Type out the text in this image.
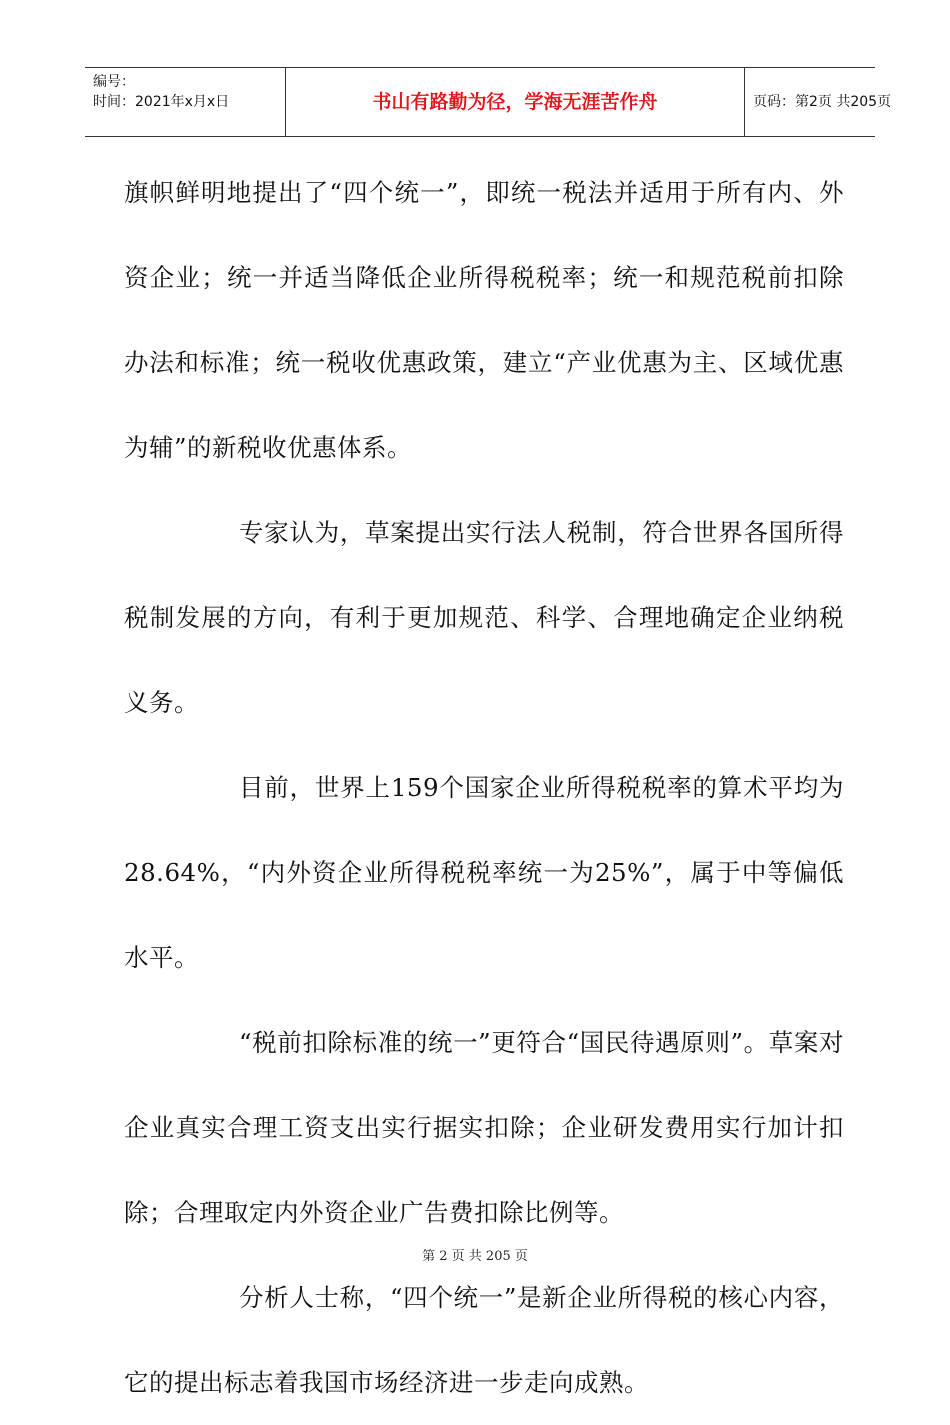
编号：
时间：2021年x月x日	书山有路勤为径，学海无涯苦作舟	页码：第2页 共205页

旗帜鲜明地提出了“四个统一”，即统一税法并适用于所有内、外资企业；统一并适当降低企业所得税税率；统一和规范税前扣除办法和标准；统一税收优惠政策，建立“产业优惠为主、区域优惠为辅”的新税收优惠体系。

专家认为，草案提出实行法人税制，符合世界各国所得税制发展的方向，有利于更加规范、科学、合理地确定企业纳税义务。

目前，世界上159个国家企业所得税税率的算术平均为28.64%，“内外资企业所得税税率统一为25%”，属于中等偏低水平。

“税前扣除标准的统一”更符合“国民待遇原则”。草案对企业真实合理工资支出实行据实扣除；企业研发费用实行加计扣除；合理取定内外资企业广告费扣除比例等。

分析人士称，“四个统一”是新企业所得税的核心内容，它的提出标志着我国市场经济进一步走向成熟。

第 2 页 共 205 页
